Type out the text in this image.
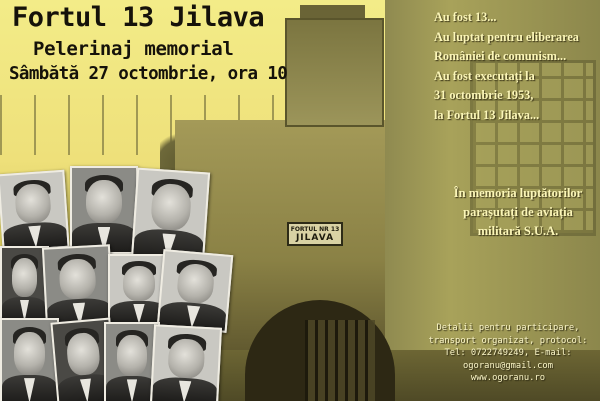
FORTUL NR 13
JILAVA
Fortul 13 Jilava
Pelerinaj memorial
Sâmbătă 27 octombrie, ora 10
Au fost 13...
Au luptat pentru eliberarea
României de comunism...
Au fost executați la
31 octombrie 1953,
la Fortul 13 Jilava...
În memoria luptătorilor
parașutați de aviația
militară S.U.A.
Detalii pentru participare,
transport organizat, protocol:
Tel: 0722749249, E-mail:
ogoranu@gmail.com
www.ogoranu.ro
